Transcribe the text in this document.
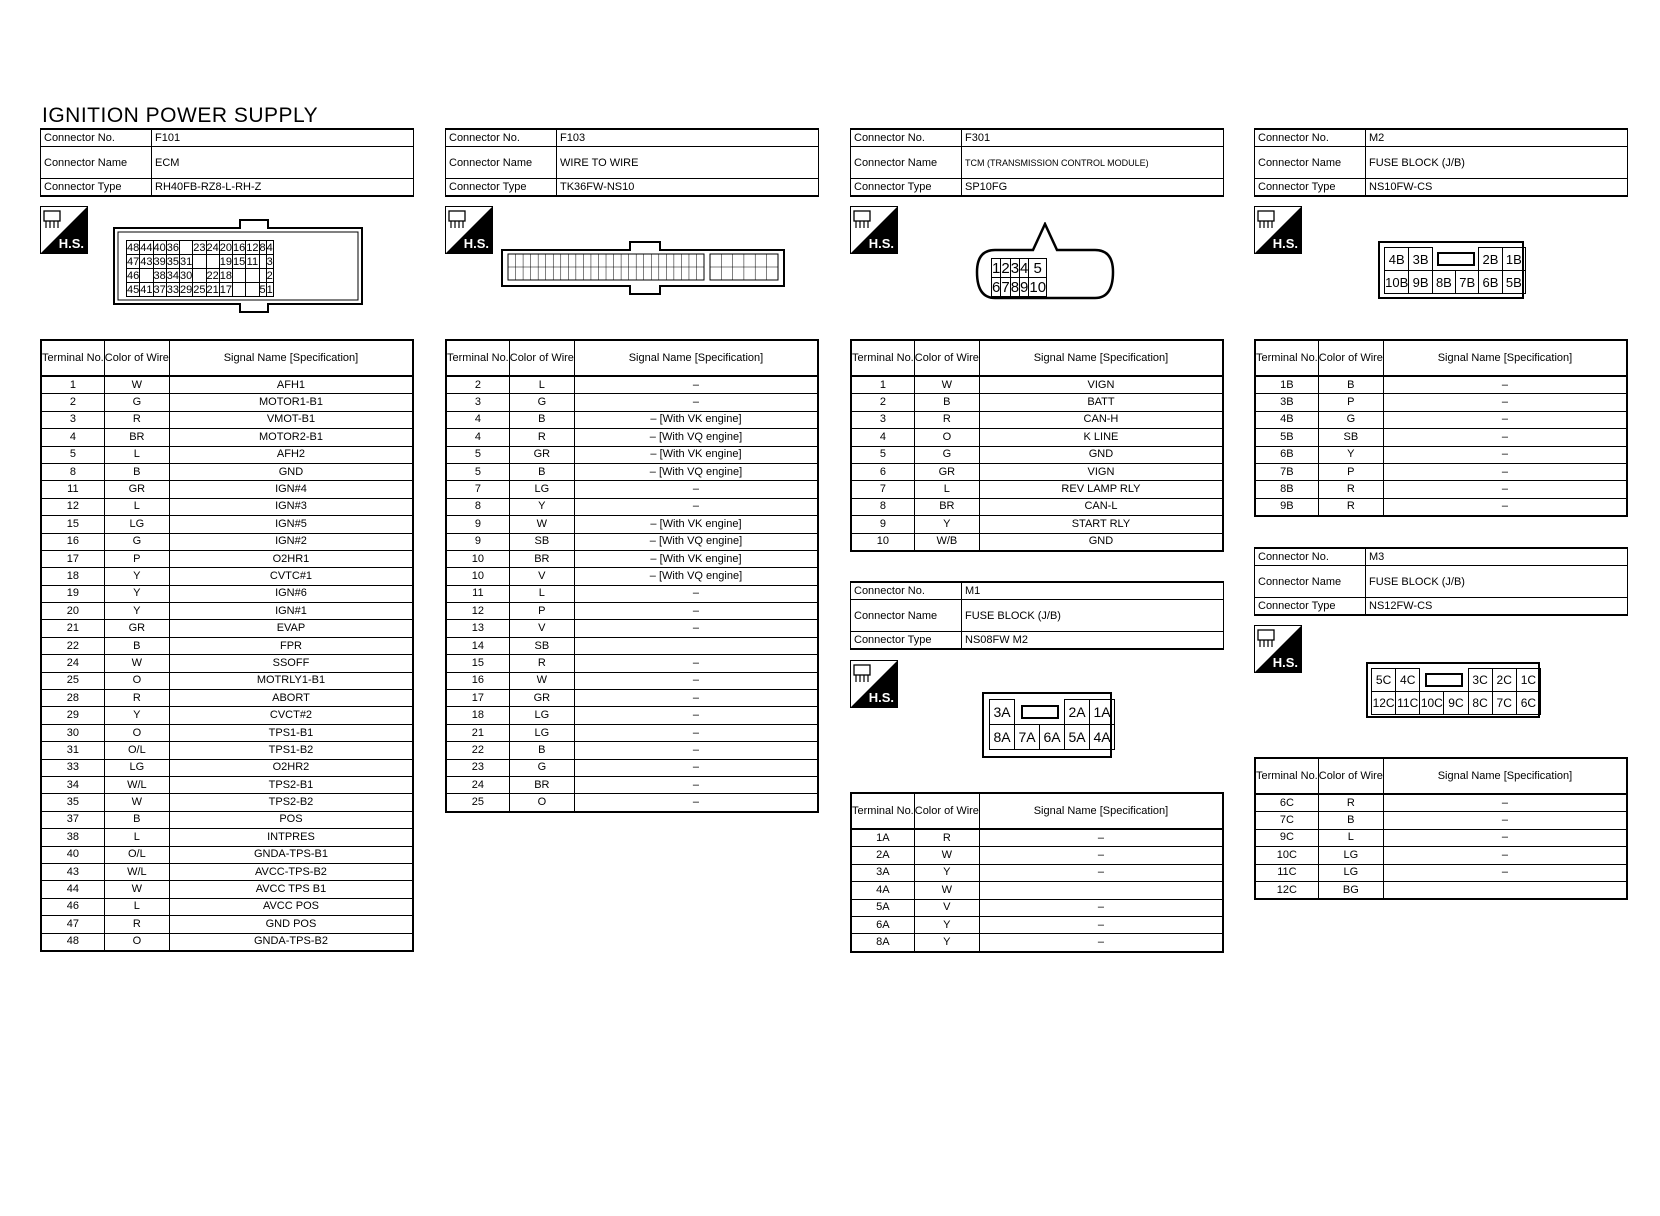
IGNITION POWER SUPPLY
Connector No.	F101
Connector Name	ECM
Connector Type	RH40FB-RZ8-L-RH-Z
H.S.	48	44	40	36		23	24	20	16	12	8	4
47	43	39	35	31			19	15	11		3
46		38	34	30		22	18				2
45	41	37	33	29	25	21	17			5	1
Terminal No.	Color of Wire	Signal Name [Specification]
1	W	AFH1
2	G	MOTOR1-B1
3	R	VMOT-B1
4	BR	MOTOR2-B1
5	L	AFH2
8	B	GND
11	GR	IGN#4
12	L	IGN#3
15	LG	IGN#5
16	G	IGN#2
17	P	O2HR1
18	Y	CVTC#1
19	Y	IGN#6
20	Y	IGN#1
21	GR	EVAP
22	B	FPR
24	W	SSOFF
25	O	MOTRLY1-B1
28	R	ABORT
29	Y	CVCT#2
30	O	TPS1-B1
31	O/L	TPS1-B2
33	LG	O2HR2
34	W/L	TPS2-B1
35	W	TPS2-B2
37	B	POS
38	L	INTPRES
40	O/L	GNDA-TPS-B1
43	W/L	AVCC-TPS-B2
44	W	AVCC TPS B1
46	L	AVCC POS
47	R	GND POS
48	O	GNDA-TPS-B2
Connector No.	F103
Connector Name	WIRE TO WIRE
Connector Type	TK36FW-NS10
H.S.
Terminal No.	Color of Wire	Signal Name [Specification]
2	L	–
3	G	–
4	B	– [With VK engine]
4	R	– [With VQ engine]
5	GR	– [With VK engine]
5	B	– [With VQ engine]
7	LG	–
8	Y	–
9	W	– [With VK engine]
9	SB	– [With VQ engine]
10	BR	– [With VK engine]
10	V	– [With VQ engine]
11	L	–
12	P	–
13	V	–
14	SB	
15	R	–
16	W	–
17	GR	–
18	LG	–
21	LG	–
22	B	–
23	G	–
24	BR	–
25	O	–
Connector No.	F301
Connector Name	TCM (TRANSMISSION CONTROL MODULE)
Connector Type	SP10FG
H.S.
1	2	3	4	5
6	7	8	9	10
Terminal No.	Color of Wire	Signal Name [Specification]
1	W	VIGN
2	B	BATT
3	R	CAN-H
4	O	K LINE
5	G	GND
6	GR	VIGN
7	L	REV LAMP RLY
8	BR	CAN-L
9	Y	START RLY
10	W/B	GND
Connector No.	M1
Connector Name	FUSE BLOCK (J/B)
Connector Type	NS08FW M2
H.S.
3A			2A	1A
8A	7A	6A	5A	4A
Terminal No.	Color of Wire	Signal Name [Specification]
1A	R	–
2A	W	–
3A	Y	–
4A	W	
5A	V	–
6A	Y	–
8A	Y	–
Connector No.	M2
Connector Name	FUSE BLOCK (J/B)
Connector Type	NS10FW-CS
H.S.
4B	3B			2B	1B
10B	9B	8B	7B	6B	5B
Terminal No.	Color of Wire	Signal Name [Specification]
1B	B	–
3B	P	–
4B	G	–
5B	SB	–
6B	Y	–
7B	P	–
8B	R	–
9B	R	–
Connector No.	M3
Connector Name	FUSE BLOCK (J/B)
Connector Type	NS12FW-CS
H.S.
5C	4C			3C	2C	1C
12C	11C	10C	9C	8C	7C	6C
Terminal No.	Color of Wire	Signal Name [Specification]
6C	R	–
7C	B	–
9C	L	–
10C	LG	–
11C	LG	–
12C	BG	
